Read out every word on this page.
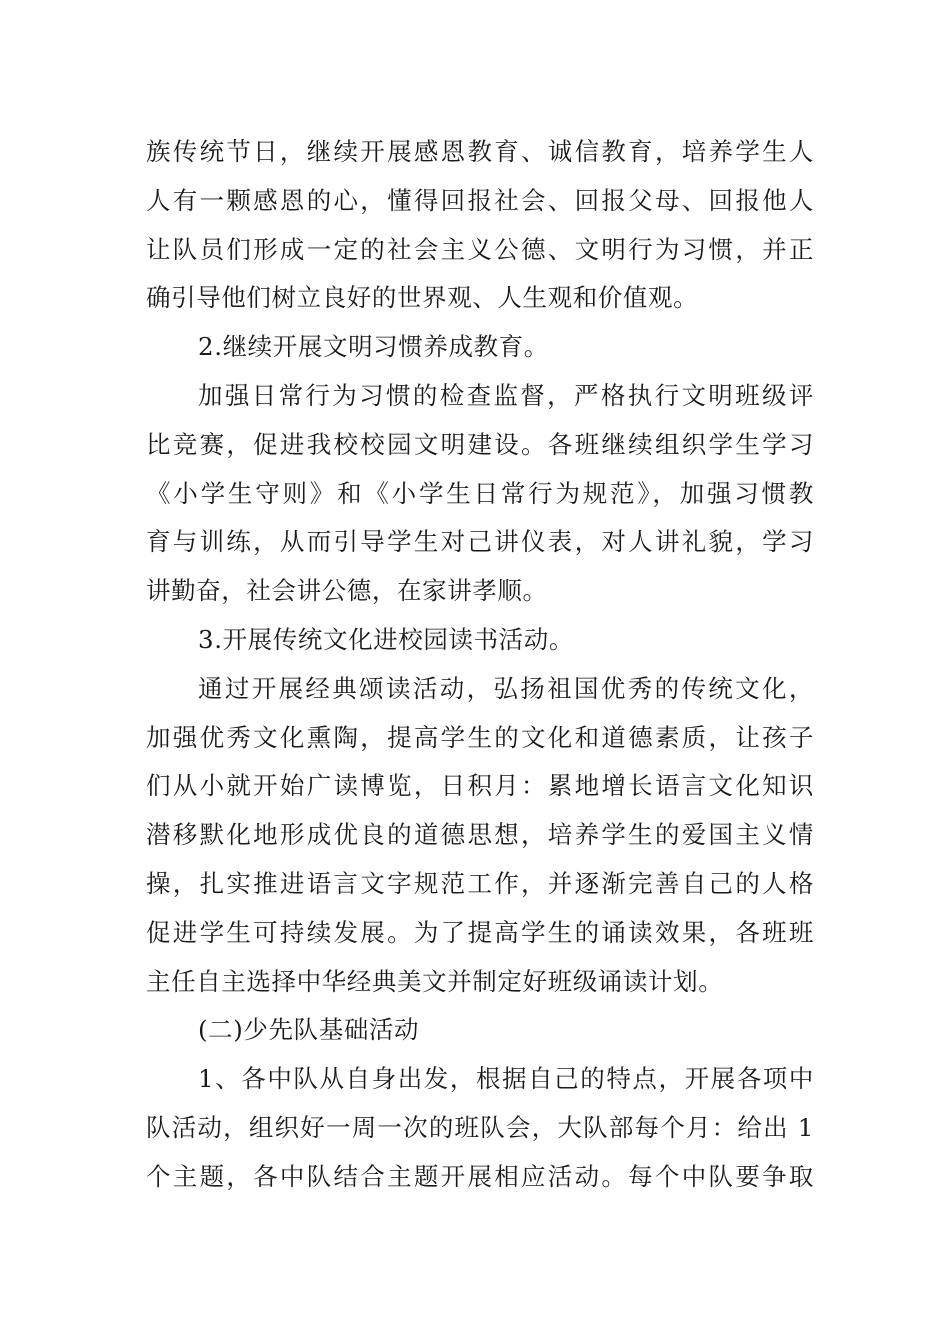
族传统节日，继续开展感恩教育、诚信教育，培养学生人
人有一颗感恩的心，懂得回报社会、回报父母、回报他人
让队员们形成一定的社会主义公德、文明行为习惯，并正
确引导他们树立良好的世界观、人生观和价值观。
2.继续开展文明习惯养成教育。
加强日常行为习惯的检查监督，严格执行文明班级评
比竞赛，促进我校校园文明建设。各班继续组织学生学习
《小学生守则》和《小学生日常行为规范》，加强习惯教
育与训练，从而引导学生对己讲仪表，对人讲礼貌，学习
讲勤奋，社会讲公德，在家讲孝顺。
3.开展传统文化进校园读书活动。
通过开展经典颂读活动，弘扬祖国优秀的传统文化，
加强优秀文化熏陶，提高学生的文化和道德素质，让孩子
们从小就开始广读博览，日积月：累地增长语言文化知识
潜移默化地形成优良的道德思想，培养学生的爱国主义情
操，扎实推进语言文字规范工作，并逐渐完善自己的人格
促进学生可持续发展。为了提高学生的诵读效果，各班班
主任自主选择中华经典美文并制定好班级诵读计划。
(二)少先队基础活动
1、各中队从自身出发，根据自己的特点，开展各项中
队活动，组织好一周一次的班队会，大队部每个月：给出 1
个主题，各中队结合主题开展相应活动。每个中队要争取
